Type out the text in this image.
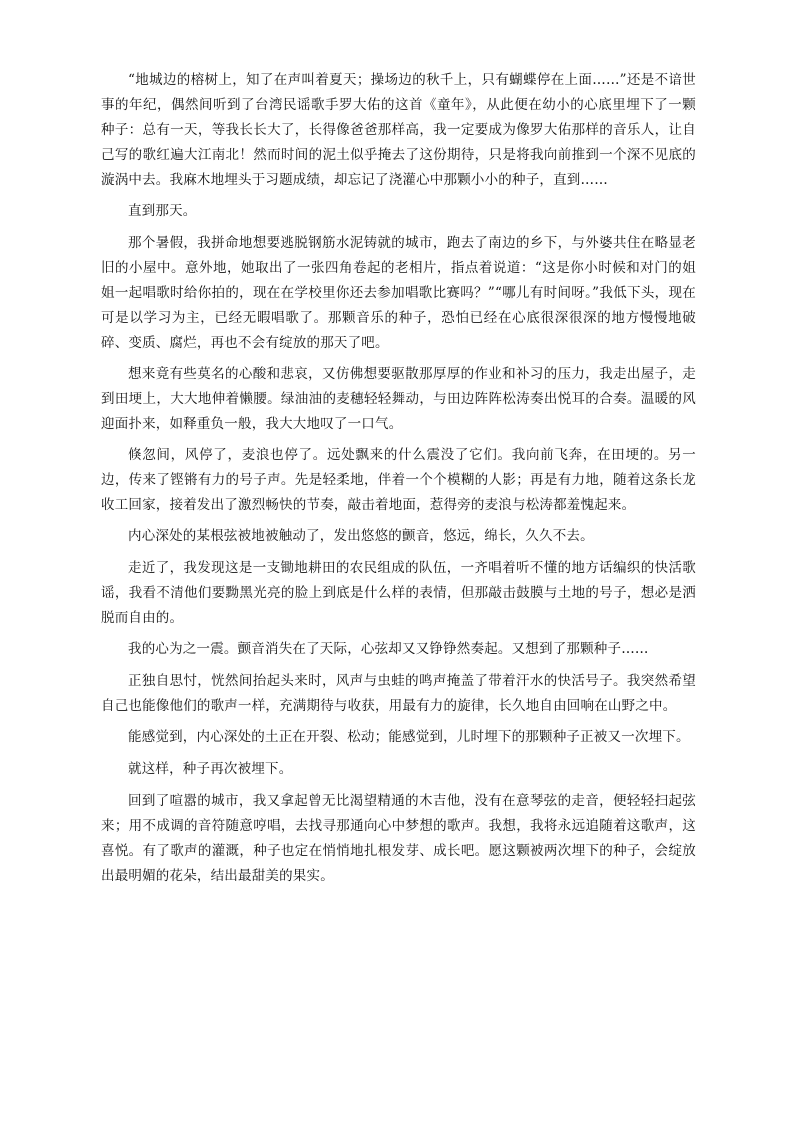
“地城边的榕树上，知了在声叫着夏天；操场边的秋千上，只有蝴蝶停在上面……”还是不谙世事的年纪，偶然间听到了台湾民谣歌手罗大佑的这首《童年》，从此便在幼小的心底里埋下了一颗种子：总有一天，等我长长大了，长得像爸爸那样高，我一定要成为像罗大佑那样的音乐人，让自己写的歌红遍大江南北！然而时间的泥土似乎掩去了这份期待，只是将我向前推到一个深不见底的漩涡中去。我麻木地埋头于习题成绩，却忘记了浇灌心中那颗小小的种子，直到……

直到那天。

那个暑假，我拼命地想要逃脱钢筋水泥铸就的城市，跑去了南边的乡下，与外婆共住在略显老旧的小屋中。意外地，她取出了一张四角卷起的老相片，指点着说道：“这是你小时候和对门的姐姐一起唱歌时给你拍的，现在在学校里你还去参加唱歌比赛吗？”“哪儿有时间呀。”我低下头，现在可是以学习为主，已经无暇唱歌了。那颗音乐的种子，恐怕已经在心底很深很深的地方慢慢地破碎、变质、腐烂，再也不会有绽放的那天了吧。

想来竟有些莫名的心酸和悲哀，又仿佛想要驱散那厚厚的作业和补习的压力，我走出屋子，走到田埂上，大大地伸着懒腰。绿油油的麦穗轻轻舞动，与田边阵阵松涛奏出悦耳的合奏。温暖的风迎面扑来，如释重负一般，我大大地叹了一口气。

倏忽间，风停了，麦浪也停了。远处飘来的什么震没了它们。我向前飞奔，在田埂的。另一边，传来了铿锵有力的号子声。先是轻柔地，伴着一个个模糊的人影；再是有力地，随着这条长龙收工回家，接着发出了激烈畅快的节奏，敲击着地面，惹得旁的麦浪与松涛都羞愧起来。

内心深处的某根弦被地被触动了，发出悠悠的颤音，悠远，绵长，久久不去。

走近了，我发现这是一支锄地耕田的农民组成的队伍，一齐唱着听不懂的地方话编织的快活歌谣，我看不清他们要黝黑光亮的脸上到底是什么样的表情，但那敲击鼓膜与土地的号子，想必是洒脱而自由的。

我的心为之一震。颤音消失在了天际，心弦却又又铮铮然奏起。又想到了那颗种子……

正独自思忖，恍然间抬起头来时，风声与虫蛙的鸣声掩盖了带着汗水的快活号子。我突然希望自己也能像他们的歌声一样，充满期待与收获，用最有力的旋律，长久地自由回响在山野之中。

能感觉到，内心深处的土正在开裂、松动；能感觉到，儿时埋下的那颗种子正被又一次埋下。

就这样，种子再次被埋下。

回到了喧嚣的城市，我又拿起曾无比渴望精通的木吉他，没有在意琴弦的走音，便轻轻扫起弦来；用不成调的音符随意哼唱，去找寻那通向心中梦想的歌声。我想，我将永远追随着这歌声，这喜悦。有了歌声的灌溉，种子也定在悄悄地扎根发芽、成长吧。愿这颗被两次埋下的种子，会绽放出最明媚的花朵，结出最甜美的果实。
